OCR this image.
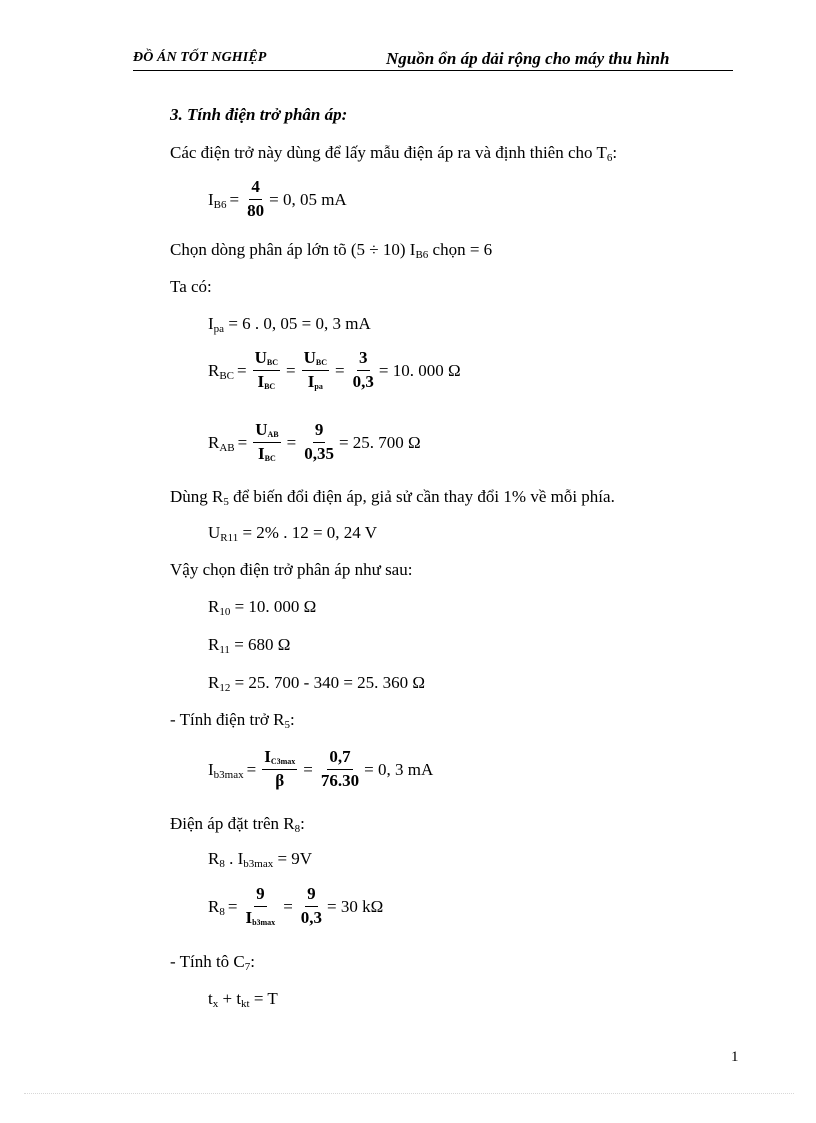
ĐỒ ÁN TỐT NGHIỆP	Nguồn ổn áp dải rộng cho máy thu hình
3. Tính điện trở phân áp:
Các điện trở này dùng để lấy mẫu điện áp ra và định thiên cho $T_6$:
$I_{B6} = \frac{4}{80} = 0$, 05 mA
Chọn dòng phân áp lớn tõ (5 ÷ 10) $I_{B6}$ chọn = 6
Ta có:
$I_{pa} = 6$ . 0, 05 = 0, 3 mA
$R_{BC} = \frac{\text{UBC}}{\text{IBC}} = \frac{\text{UBC}}{\text{Ipa}} = \frac{3}{0,3} = 10$. 000 Ω
$R_{AB} = \frac{\text{UAB}}{\text{IBC}} = \frac{9}{0,35} = 25$. 700 Ω
Dùng $R_5$ để biến đổi điện áp, giả sử cần thay đổi 1% về mỗi phía.
$U_{R11} = 2\%$ . 12 = 0, 24 V
Vậy chọn điện trở phân áp như sau:
$R_{10} = 10$. 000 Ω
$R_{11} = 680$ Ω
$R_{12} = 25$. 700 - 340 = 25. 360 Ω
- Tính điện trở $R_5$:
$I_{b3max} = \frac{IC3\max}{\beta} = \frac{0,7}{76.30} = 0$, 3 mA
Điện áp đặt trên $R_8$:
$R_8$ . $I_{b3max} = 9V$
$R_8 = \frac{9}{Ib3\max} = \frac{9}{0,3} = 30$ kΩ
- Tính tô $C_7$:
$t_x + t_{kt} = T$
1
